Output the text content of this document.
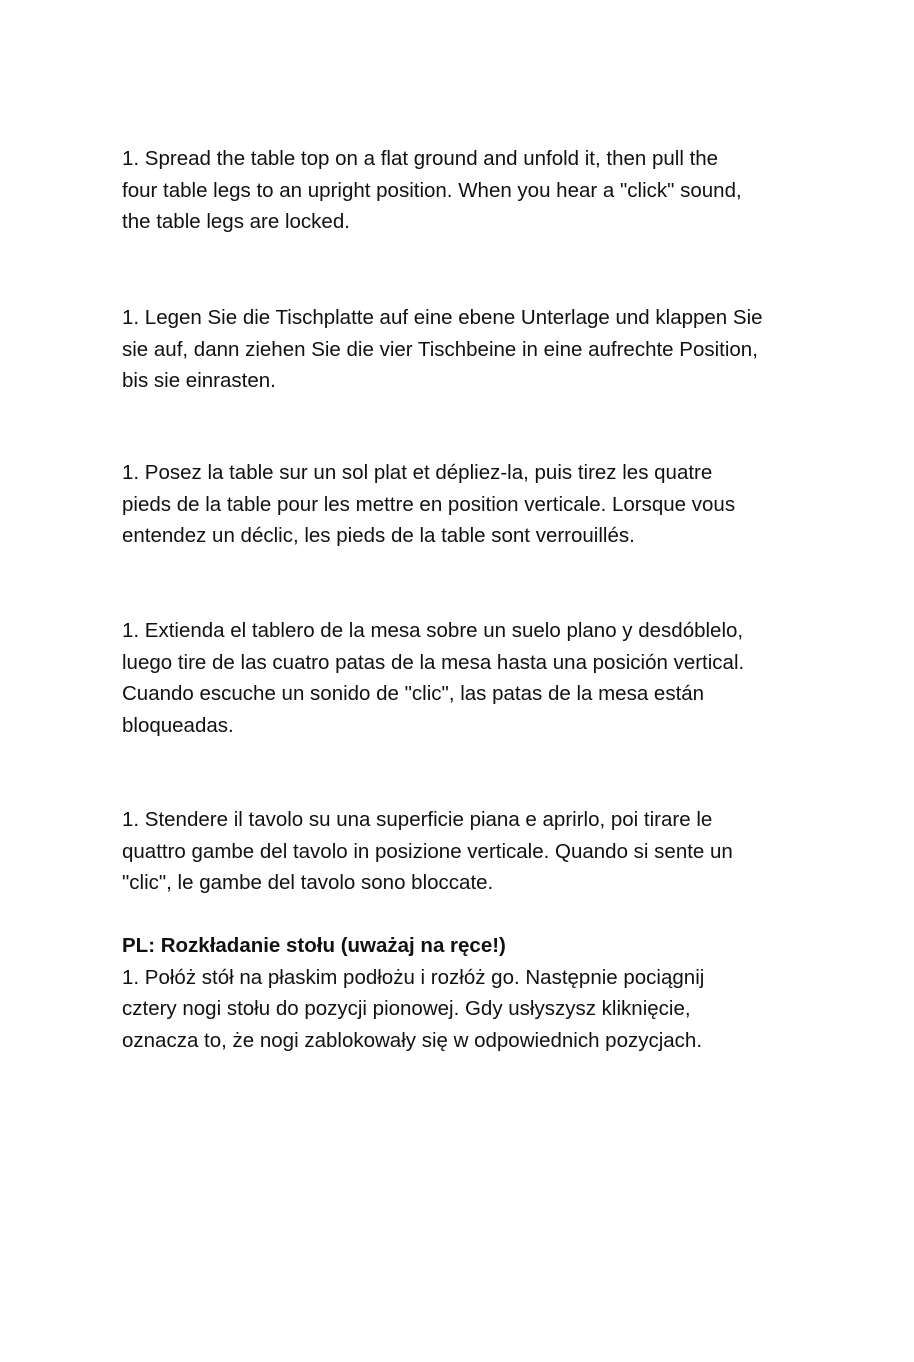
1. Spread the table top on a flat ground and unfold it, then pull the
four table legs to an upright position. When you hear a "click" sound,
the table legs are locked.
1. Legen Sie die Tischplatte auf eine ebene Unterlage und klappen Sie
sie auf, dann ziehen Sie die vier Tischbeine in eine aufrechte Position,
bis sie einrasten.
1. Posez la table sur un sol plat et dépliez-la, puis tirez les quatre
pieds de la table pour les mettre en position verticale. Lorsque vous
entendez un déclic, les pieds de la table sont verrouillés.
1. Extienda el tablero de la mesa sobre un suelo plano y desdóblelo,
luego tire de las cuatro patas de la mesa hasta una posición vertical.
Cuando escuche un sonido de "clic", las patas de la mesa están
bloqueadas.
1. Stendere il tavolo su una superficie piana e aprirlo, poi tirare le
quattro gambe del tavolo in posizione verticale. Quando si sente un
"clic", le gambe del tavolo sono bloccate.
PL: Rozkładanie stołu (uważaj na ręce!)
1. Połóż stół na płaskim podłożu i rozłóż go. Następnie pociągnij
cztery nogi stołu do pozycji pionowej. Gdy usłyszysz kliknięcie,
oznacza to, że nogi zablokowały się w odpowiednich pozycjach.
